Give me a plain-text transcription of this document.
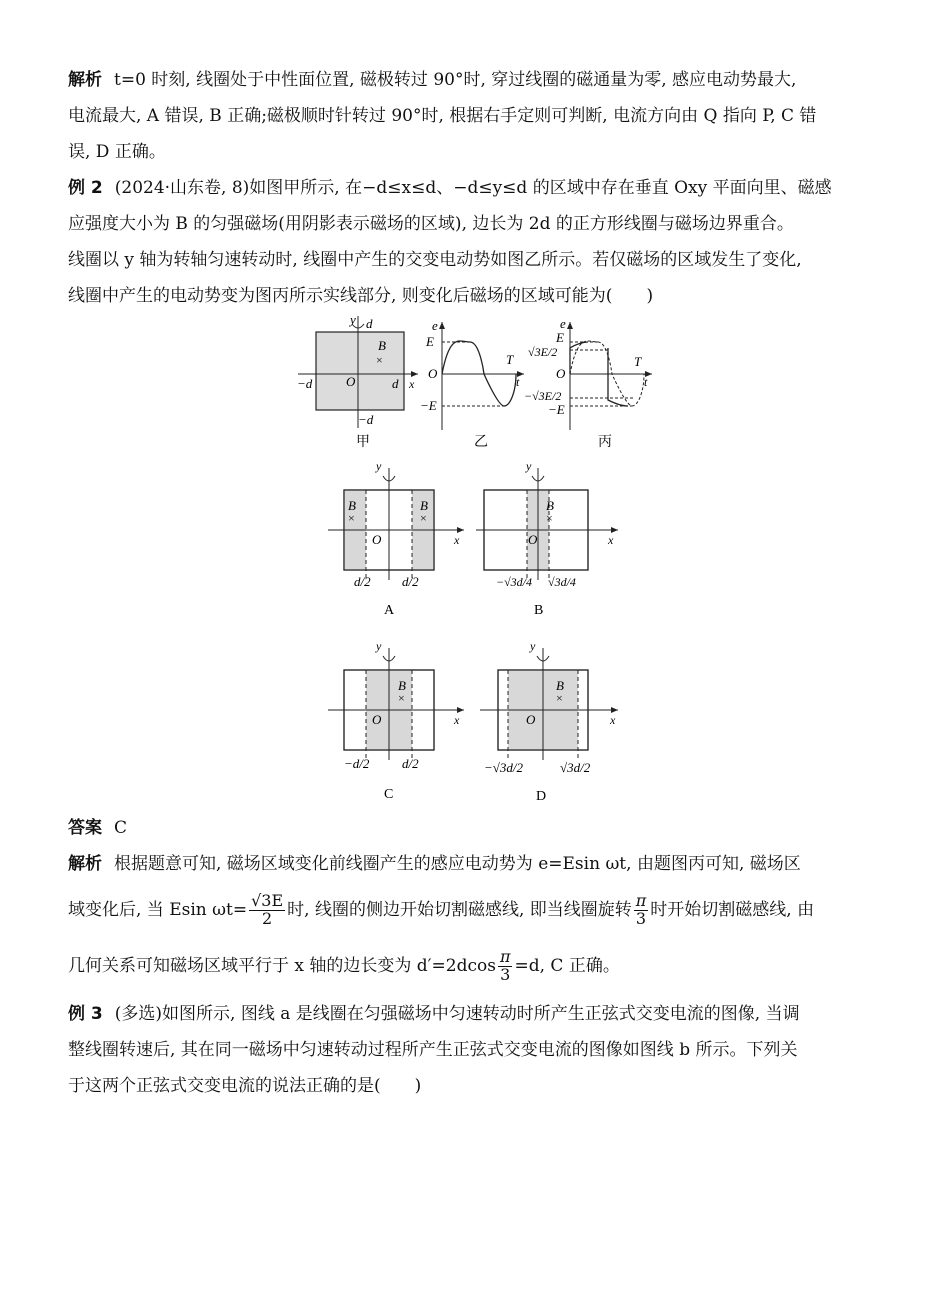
解析 t=0 时刻, 线圈处于中性面位置, 磁极转过 90°时, 穿过线圈的磁通量为零, 感应电动势最大,
电流最大, A 错误, B 正确;磁极顺时针转过 90°时, 根据右手定则可判断, 电流方向由 Q 指向 P, C 错
误, D 正确。
例 2 (2024·山东卷, 8)如图甲所示, 在−d≤x≤d、−d≤y≤d 的区域中存在垂直 Oxy 平面向里、磁感
应强度大小为 B 的匀强磁场(用阴影表示磁场的区域), 边长为 2d 的正方形线圈与磁场边界重合。
线圈以 y 轴为转轴匀速转动时, 线圈中产生的交变电动势如图乙所示。若仅磁场的区域发生了变化,
线圈中产生的电动势变为图丙所示实线部分, 则变化后磁场的区域可能为(　　)
y d
B
×
x
−d	O	d
−d
甲
e
E
O
−E
T
t
乙
e
E
√3E/2
O
−√3E/2
−E
T
t
丙
y
B
×
B
×
O	x
d/2 d/2
A
y
B
×
O	x
−√3d/4 √3d/4
B
y
B
×
O	x
−d/2	d/2
C
y
B
×
O	x
−√3d/2	√3d/2
D
答案 C
解析 根据题意可知, 磁场区域变化前线圈产生的感应电动势为 e=Esin ωt, 由题图丙可知, 磁场区
域变化后, 当 Esin $\omega t= \frac{√3E}{2}$ 时, 线圈的侧边开始切割磁感线, 即当线圈旋转 $\frac{\pi}{3}$ 时开始切割磁感线, 由
几何关系可知磁场区域平行于 x 轴的边长变为 $d'=2dcos \frac{\pi}{3} =d$, C 正确。
例 3 (多选)如图所示, 图线 a 是线圈在匀强磁场中匀速转动时所产生正弦式交变电流的图像, 当调
整线圈转速后, 其在同一磁场中匀速转动过程所产生正弦式交变电流的图像如图线 b 所示。下列关
于这两个正弦式交变电流的说法正确的是(　　)
